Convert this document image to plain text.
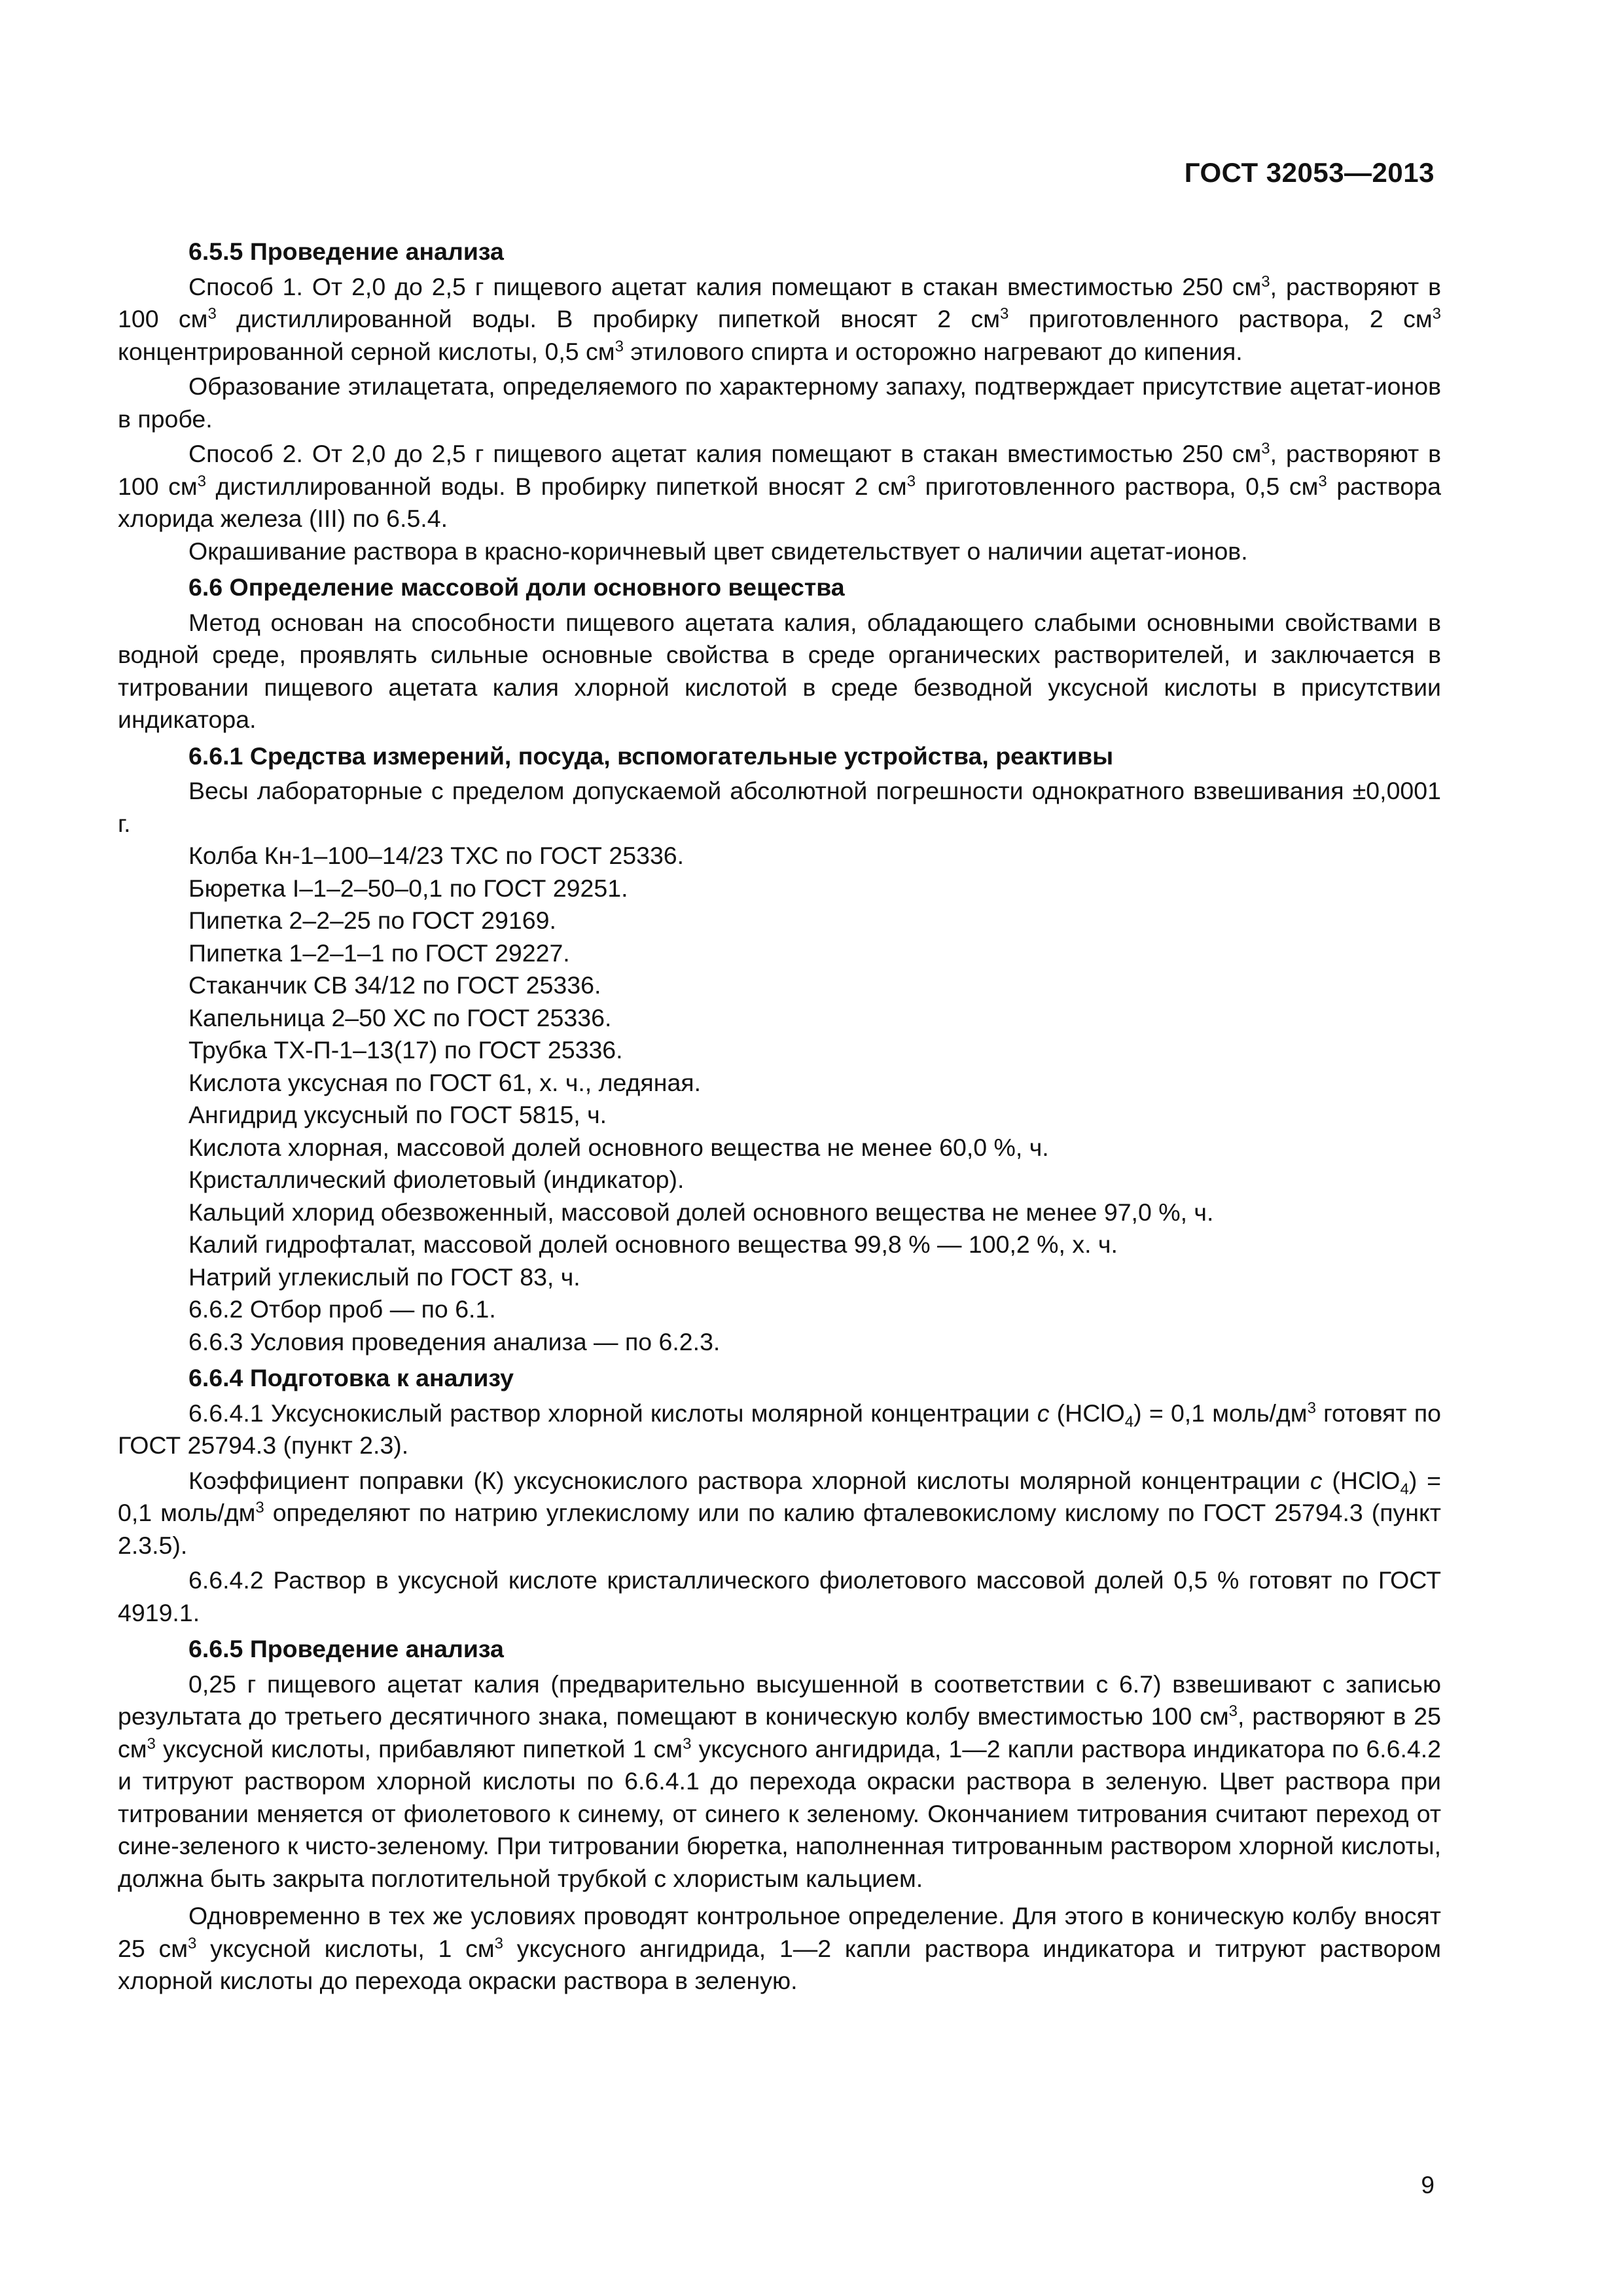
ГОСТ 32053—2013

6.5.5 Проведение анализа

Способ 1. От 2,0 до 2,5 г пищевого ацетат калия помещают в стакан вместимостью 250 $см^3$, растворяют в 100 $см^3$ дистиллированной воды. В пробирку пипеткой вносят 2 $см^3$ приготовленного раствора, 2 $см^3$ концентрированной серной кислоты, 0,5 $см^3$ этилового спирта и осторожно нагревают до кипения.

Образование этилацетата, определяемого по характерному запаху, подтверждает присутствие ацетат-ионов в пробе.

Способ 2. От 2,0 до 2,5 г пищевого ацетат калия помещают в стакан вместимостью 250 $см^3$, растворяют в 100 $см^3$ дистиллированной воды. В пробирку пипеткой вносят 2 $см^3$ приготовленного раствора, 0,5 $см^3$ раствора хлорида железа (III) по 6.5.4.

Окрашивание раствора в красно-коричневый цвет свидетельствует о наличии ацетат-ионов.

6.6 Определение массовой доли основного вещества

Метод основан на способности пищевого ацетата калия, обладающего слабыми основными свойствами в водной среде, проявлять сильные основные свойства в среде органических растворителей, и заключается в титровании пищевого ацетата калия хлорной кислотой в среде безводной уксусной кислоты в присутствии индикатора.

6.6.1 Средства измерений, посуда, вспомогательные устройства, реактивы

Весы лабораторные с пределом допускаемой абсолютной погрешности однократного взвешивания ±0,0001 г.

Колба Кн-1–100–14/23 ТХС по ГОСТ 25336.

Бюретка I–1–2–50–0,1 по ГОСТ 29251.

Пипетка 2–2–25 по ГОСТ 29169.

Пипетка 1–2–1–1 по ГОСТ 29227.

Стаканчик СВ 34/12 по ГОСТ 25336.

Капельница 2–50 ХС по ГОСТ 25336.

Трубка ТХ-П-1–13(17) по ГОСТ 25336.

Кислота уксусная по ГОСТ 61, х. ч., ледяная.

Ангидрид уксусный по ГОСТ 5815, ч.

Кислота хлорная, массовой долей основного вещества не менее 60,0 %, ч.

Кристаллический фиолетовый (индикатор).

Кальций хлорид обезвоженный, массовой долей основного вещества не менее 97,0 %, ч.

Калий гидрофталат, массовой долей основного вещества 99,8 % — 100,2 %, х. ч.

Натрий углекислый по ГОСТ 83, ч.

6.6.2 Отбор проб — по 6.1.

6.6.3 Условия проведения анализа — по 6.2.3.

6.6.4 Подготовка к анализу

6.6.4.1 Уксуснокислый раствор хлорной кислоты молярной концентрации c (HClO$_4$) = 0,1 моль/$дм^3$ готовят по ГОСТ 25794.3 (пункт 2.3).

Коэффициент поправки (К) уксуснокислого раствора хлорной кислоты молярной концентрации c (HClO$_4$) = 0,1 моль/$дм^3$ определяют по натрию углекислому или по калию фталевокислому кислому по ГОСТ 25794.3 (пункт 2.3.5).

6.6.4.2 Раствор в уксусной кислоте кристаллического фиолетового массовой долей 0,5 % готовят по ГОСТ 4919.1.

6.6.5 Проведение анализа

0,25 г пищевого ацетат калия (предварительно высушенной в соответствии с 6.7) взвешивают с записью результата до третьего десятичного знака, помещают в коническую колбу вместимостью 100 $см^3$, растворяют в 25 $см^3$ уксусной кислоты, прибавляют пипеткой 1 $см^3$ уксусного ангидрида, 1—2 капли раствора индикатора по 6.6.4.2 и титруют раствором хлорной кислоты по 6.6.4.1 до перехода окраски раствора в зеленую. Цвет раствора при титровании меняется от фиолетового к синему, от синего к зеленому. Окончанием титрования считают переход от сине-зеленого к чисто-зеленому. При титровании бюретка, наполненная титрованным раствором хлорной кислоты, должна быть закрыта поглотительной трубкой с хлористым кальцием.

Одновременно в тех же условиях проводят контрольное определение. Для этого в коническую колбу вносят 25 $см^3$ уксусной кислоты, 1 $см^3$ уксусного ангидрида, 1—2 капли раствора индикатора и титруют раствором хлорной кислоты до перехода окраски раствора в зеленую.

9
